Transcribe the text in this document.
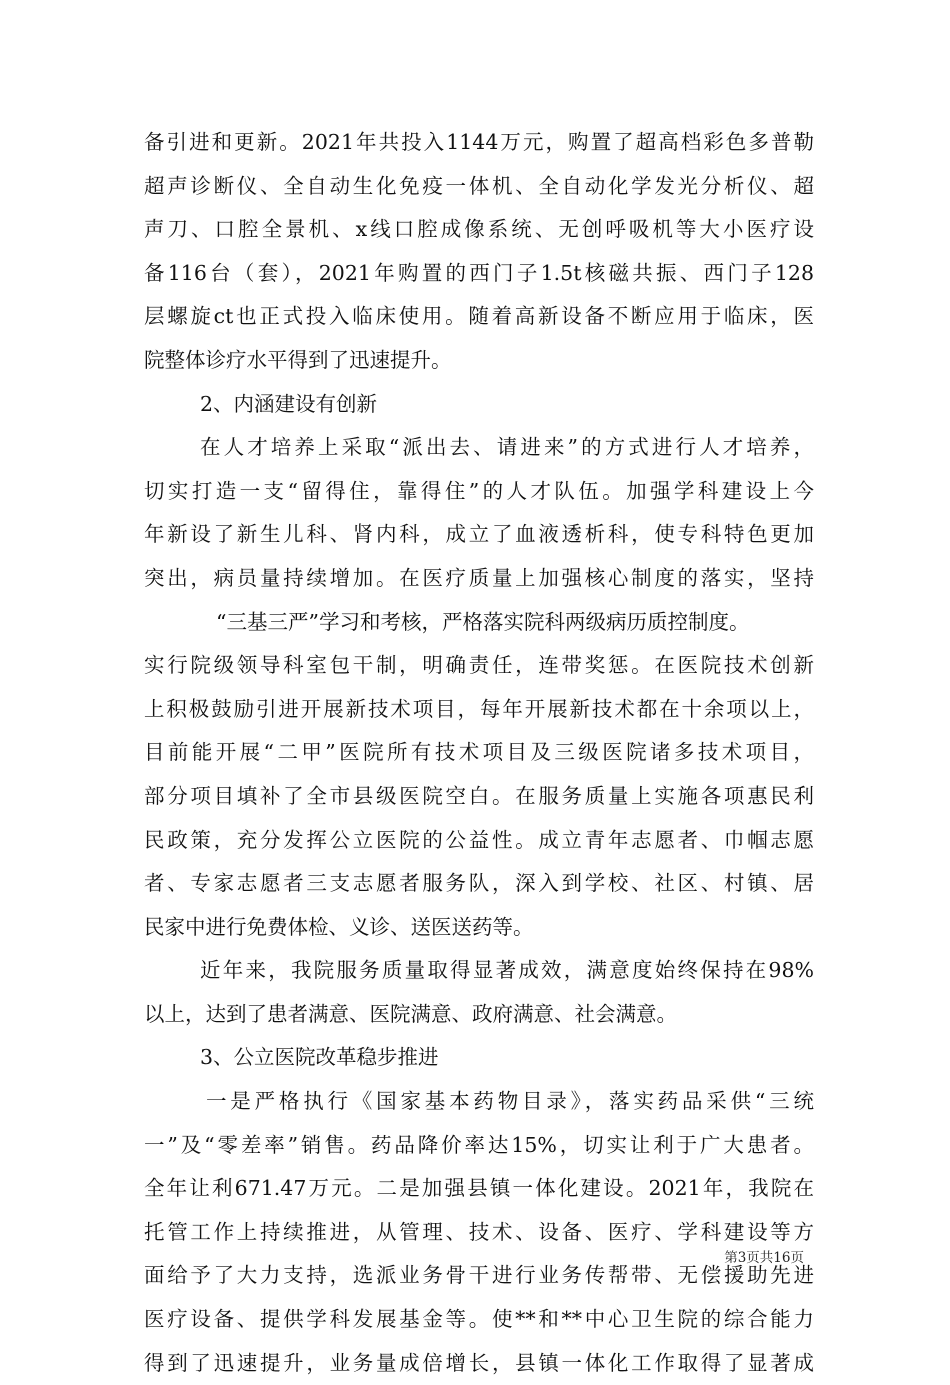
备引进和更新。2021年共投入1144万元，购置了超高档彩色多普勒
超声诊断仪、全自动生化免疫一体机、全自动化学发光分析仪、超
声刀、口腔全景机、x线口腔成像系统、无创呼吸机等大小医疗设
备116台（套），2021年购置的西门子1.5t核磁共振、西门子128
层螺旋ct也正式投入临床使用。随着高新设备不断应用于临床，医
院整体诊疗水平得到了迅速提升。
2、内涵建设有创新
在人才培养上采取“派出去、请进来”的方式进行人才培养，
切实打造一支“留得住，靠得住”的人才队伍。加强学科建设上今
年新设了新生儿科、肾内科，成立了血液透析科，使专科特色更加
突出，病员量持续增加。在医疗质量上加强核心制度的落实，坚持
“三基三严”学习和考核，严格落实院科两级病历质控制度。
实行院级领导科室包干制，明确责任，连带奖惩。在医院技术创新
上积极鼓励引进开展新技术项目，每年开展新技术都在十余项以上，
目前能开展“二甲”医院所有技术项目及三级医院诸多技术项目，
部分项目填补了全市县级医院空白。在服务质量上实施各项惠民利
民政策，充分发挥公立医院的公益性。成立青年志愿者、巾帼志愿
者、专家志愿者三支志愿者服务队，深入到学校、社区、村镇、居
民家中进行免费体检、义诊、送医送药等。
近年来，我院服务质量取得显著成效，满意度始终保持在98%
以上，达到了患者满意、医院满意、政府满意、社会满意。
3、公立医院改革稳步推进
一是严格执行《国家基本药物目录》，落实药品采供“三统
一”及“零差率”销售。药品降价率达15%，切实让利于广大患者。
全年让利671.47万元。二是加强县镇一体化建设。2021年，我院在
托管工作上持续推进，从管理、技术、设备、医疗、学科建设等方
面给予了大力支持，选派业务骨干进行业务传帮带、无偿援助先进
医疗设备、提供学科发展基金等。使**和**中心卫生院的综合能力
得到了迅速提升，业务量成倍增长，县镇一体化工作取得了显著成
第3页共16页
